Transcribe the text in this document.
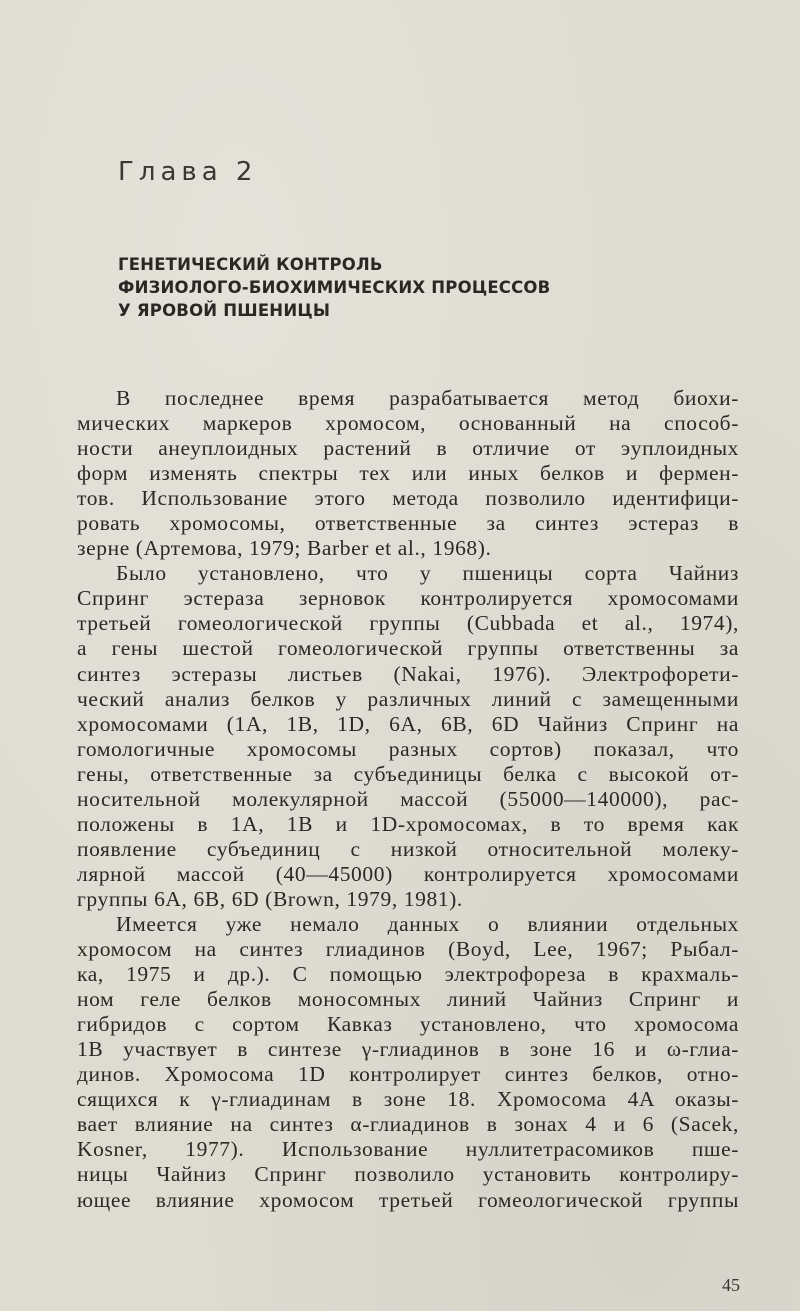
Глава 2
ГЕНЕТИЧЕСКИЙ КОНТРОЛЬ
ФИЗИОЛОГО-БИОХИМИЧЕСКИХ ПРОЦЕССОВ
У ЯРОВОЙ ПШЕНИЦЫ
В последнее время разрабатывается метод биохи-
мических маркеров хромосом, основанный на способ-
ности анеуплоидных растений в отличие от эуплоидных
форм изменять спектры тех или иных белков и фермен-
тов. Использование этого метода позволило идентифици-
ровать хромосомы, ответственные за синтез эстераз в
зерне (Артемова, 1979; Barber et al., 1968).
Было установлено, что у пшеницы сорта Чайниз
Спринг эстераза зерновок контролируется хромосомами
третьей гомеологической группы (Cubbada et al., 1974),
а гены шестой гомеологической группы ответственны за
синтез эстеразы листьев (Nakai, 1976). Электрофорети-
ческий анализ белков у различных линий с замещенными
хромосомами (1A, 1B, 1D, 6A, 6B, 6D Чайниз Спринг на
гомологичные хромосомы разных сортов) показал, что
гены, ответственные за субъединицы белка с высокой от-
носительной молекулярной массой (55000—140000), рас-
положены в 1A, 1B и 1D-хромосомах, в то время как
появление субъединиц с низкой относительной молеку-
лярной массой (40—45000) контролируется хромосомами
группы 6A, 6B, 6D (Brown, 1979, 1981).
Имеется уже немало данных о влиянии отдельных
хромосом на синтез глиадинов (Boyd, Lee, 1967; Рыбал-
ка, 1975 и др.). С помощью электрофореза в крахмаль-
ном геле белков моносомных линий Чайниз Спринг и
гибридов с сортом Кавказ установлено, что хромосома
1B участвует в синтезе γ-глиадинов в зоне 16 и ω-глиа-
динов. Хромосома 1D контролирует синтез белков, отно-
сящихся к γ-глиадинам в зоне 18. Хромосома 4A оказы-
вает влияние на синтез α-глиадинов в зонах 4 и 6 (Sacek,
Kosner, 1977). Использование нуллитетрасомиков пше-
ницы Чайниз Спринг позволило установить контролиру-
ющее влияние хромосом третьей гомеологической группы
45
